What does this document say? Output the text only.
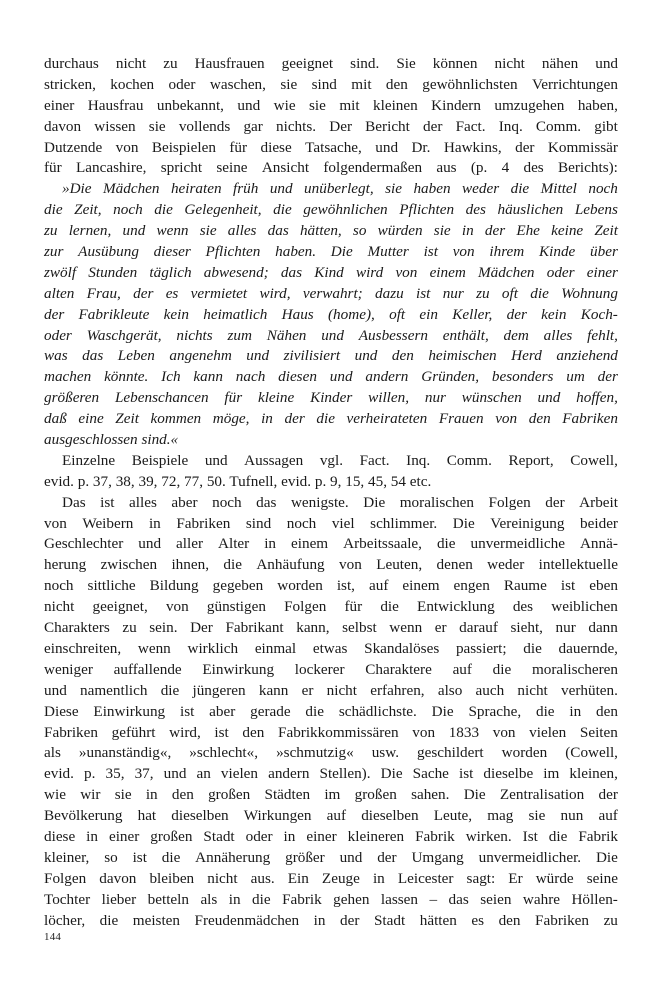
durchaus nicht zu Hausfrauen geeignet sind. Sie können nicht nähen und
stricken, kochen oder waschen, sie sind mit den gewöhnlichsten Verrichtungen
einer Hausfrau unbekannt, und wie sie mit kleinen Kindern umzugehen haben,
davon wissen sie vollends gar nichts. Der Bericht der Fact. Inq. Comm. gibt
Dutzende von Beispielen für diese Tatsache, und Dr. Hawkins, der Kommissär
für Lancashire, spricht seine Ansicht folgendermaßen aus (p. 4 des Berichts):
»Die Mädchen heiraten früh und unüberlegt, sie haben weder die Mittel noch
die Zeit, noch die Gelegenheit, die gewöhnlichen Pflichten des häuslichen Lebens
zu lernen, und wenn sie alles das hätten, so würden sie in der Ehe keine Zeit
zur Ausübung dieser Pflichten haben. Die Mutter ist von ihrem Kinde über
zwölf Stunden täglich abwesend; das Kind wird von einem Mädchen oder einer
alten Frau, der es vermietet wird, verwahrt; dazu ist nur zu oft die Wohnung
der Fabrikleute kein heimatlich Haus (home), oft ein Keller, der kein Koch-
oder Waschgerät, nichts zum Nähen und Ausbessern enthält, dem alles fehlt,
was das Leben angenehm und zivilisiert und den heimischen Herd anziehend
machen könnte. Ich kann nach diesen und andern Gründen, besonders um der
größeren Lebenschancen für kleine Kinder willen, nur wünschen und hoffen,
daß eine Zeit kommen möge, in der die verheirateten Frauen von den Fabriken
ausgeschlossen sind.«
Einzelne Beispiele und Aussagen vgl. Fact. Inq. Comm. Report, Cowell,
evid. p. 37, 38, 39, 72, 77, 50. Tufnell, evid. p. 9, 15, 45, 54 etc.
Das ist alles aber noch das wenigste. Die moralischen Folgen der Arbeit
von Weibern in Fabriken sind noch viel schlimmer. Die Vereinigung beider
Geschlechter und aller Alter in einem Arbeitssaale, die unvermeidliche Annä-
herung zwischen ihnen, die Anhäufung von Leuten, denen weder intellektuelle
noch sittliche Bildung gegeben worden ist, auf einem engen Raume ist eben
nicht geeignet, von günstigen Folgen für die Entwicklung des weiblichen
Charakters zu sein. Der Fabrikant kann, selbst wenn er darauf sieht, nur dann
einschreiten, wenn wirklich einmal etwas Skandalöses passiert; die dauernde,
weniger auffallende Einwirkung lockerer Charaktere auf die moralischeren
und namentlich die jüngeren kann er nicht erfahren, also auch nicht verhüten.
Diese Einwirkung ist aber gerade die schädlichste. Die Sprache, die in den
Fabriken geführt wird, ist den Fabrikkommissären von 1833 von vielen Seiten
als »unanständig«, »schlecht«, »schmutzig« usw. geschildert worden (Cowell,
evid. p. 35, 37, und an vielen andern Stellen). Die Sache ist dieselbe im kleinen,
wie wir sie in den großen Städten im großen sahen. Die Zentralisation der
Bevölkerung hat dieselben Wirkungen auf dieselben Leute, mag sie nun auf
diese in einer großen Stadt oder in einer kleineren Fabrik wirken. Ist die Fabrik
kleiner, so ist die Annäherung größer und der Umgang unvermeidlicher. Die
Folgen davon bleiben nicht aus. Ein Zeuge in Leicester sagt: Er würde seine
Tochter lieber betteln als in die Fabrik gehen lassen – das seien wahre Höllen-
löcher, die meisten Freudenmädchen in der Stadt hätten es den Fabriken zu
144
